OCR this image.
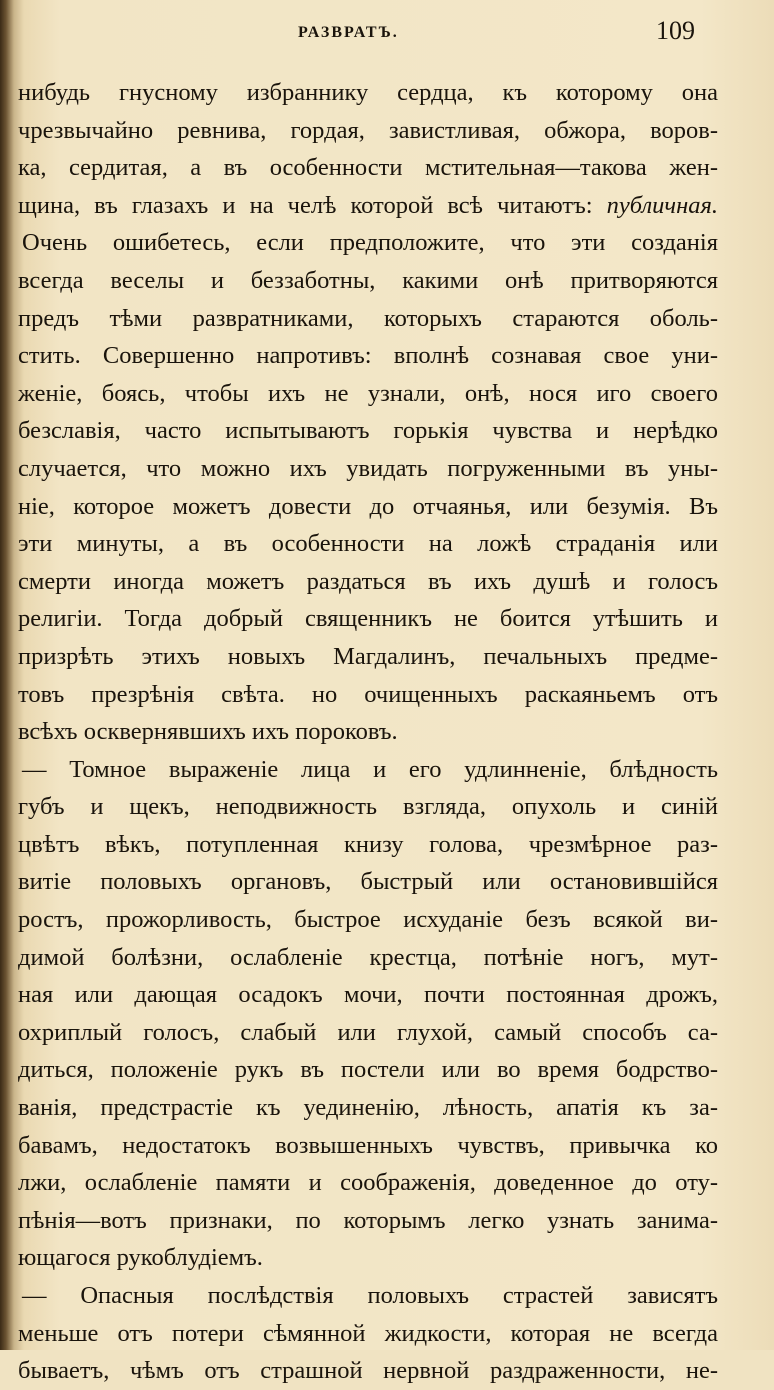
РАЗВРАТЪ.	109
нибудь гнусному избраннику сердца, къ которому она
чрезвычайно ревнива, гордая, завистливая, обжора, воров-
ка, сердитая, а въ особенности мстительная—такова жен-
щина, въ глазахъ и на челѣ которой всѣ читаютъ: публичная.
Очень ошибетесь, если предположите, что эти созданія
всегда веселы и беззаботны, какими онѣ притворяются
предъ тѣми развратниками, которыхъ стараются оболь-
стить. Совершенно напротивъ: вполнѣ сознавая свое уни-
женіе, боясь, чтобы ихъ не узнали, онѣ, нося иго своего
безславія, часто испытываютъ горькія чувства и нерѣдко
случается, что можно ихъ увидать погруженными въ уны-
ніе, которое можетъ довести до отчаянья, или безумія. Въ
эти минуты, а въ особенности на ложѣ страданія или
смерти иногда можетъ раздаться въ ихъ душѣ и голосъ
религіи. Тогда добрый священникъ не боится утѣшить и
призрѣть этихъ новыхъ Магдалинъ, печальныхъ предме-
товъ презрѣнія свѣта. но очищенныхъ раскаяньемъ отъ
всѣхъ осквернявшихъ ихъ пороковъ.
— Томное выраженіе лица и его удлинненіе, блѣдность
губъ и щекъ, неподвижность взгляда, опухоль и синій
цвѣтъ вѣкъ, потупленная книзу голова, чрезмѣрное раз-
витіе половыхъ органовъ, быстрый или остановившійся
ростъ, прожорливость, быстрое исхуданіе безъ всякой ви-
димой болѣзни, ослабленіе крестца, потѣніе ногъ, мут-
ная или дающая осадокъ мочи, почти постоянная дрожъ,
охриплый голосъ, слабый или глухой, самый способъ са-
диться, положеніе рукъ въ постели или во время бодрство-
ванія, предстрастіе къ уединенію, лѣность, апатія къ за-
бавамъ, недостатокъ возвышенныхъ чувствъ, привычка ко
лжи, ослабленіе памяти и соображенія, доведенное до оту-
пѣнія—вотъ признаки, по которымъ легко узнать занима-
ющагося рукоблудіемъ.
— Опасныя послѣдствія половыхъ страстей зависятъ
меньше отъ потери сѣмянной жидкости, которая не всегда
бываетъ, чѣмъ отъ страшной нервной раздраженности, не-
